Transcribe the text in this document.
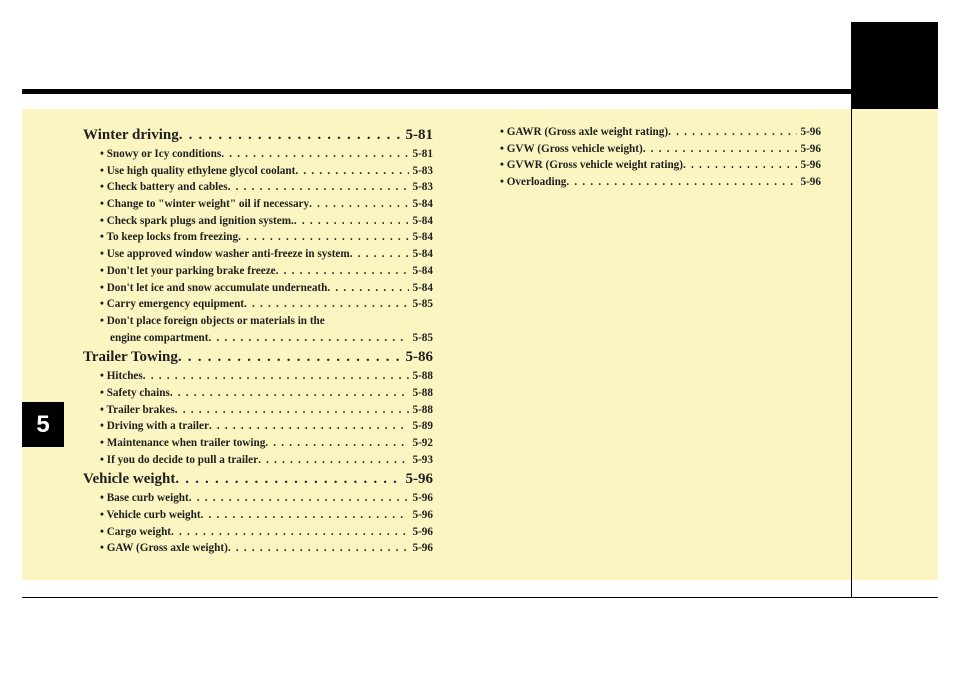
5
Winter driving . . .	5-81
• Snowy or Icy conditions . . .	5-81
• Use high quality ethylene glycol coolant . . .	5-83
• Check battery and cables . . .	5-83
• Change to "winter weight" oil if necessary . . .	5-84
• Check spark plugs and ignition system. . . .	5-84
• To keep locks from freezing . . .	5-84
• Use approved window washer anti-freeze in system . . .	5-84
• Don't let your parking brake freeze . . .	5-84
• Don't let ice and snow accumulate underneath . . .	5-84
• Carry emergency equipment . . .	5-85
• Don't place foreign objects or materials in the
engine compartment . . .	5-85
Trailer Towing . . .	5-86
• Hitches . . .	5-88
• Safety chains . . .	5-88
• Trailer brakes . . .	5-88
• Driving with a trailer . . .	5-89
• Maintenance when trailer towing . . .	5-92
• If you do decide to pull a trailer . . .	5-93
Vehicle weight . . .	5-96
• Base curb weight . . .	5-96
• Vehicle curb weight . . .	5-96
• Cargo weight . . .	5-96
• GAW (Gross axle weight) . . .	5-96
• GAWR (Gross axle weight rating) . . .	5-96
• GVW (Gross vehicle weight) . . .	5-96
• GVWR (Gross vehicle weight rating) . . .	5-96
• Overloading . . .	5-96
